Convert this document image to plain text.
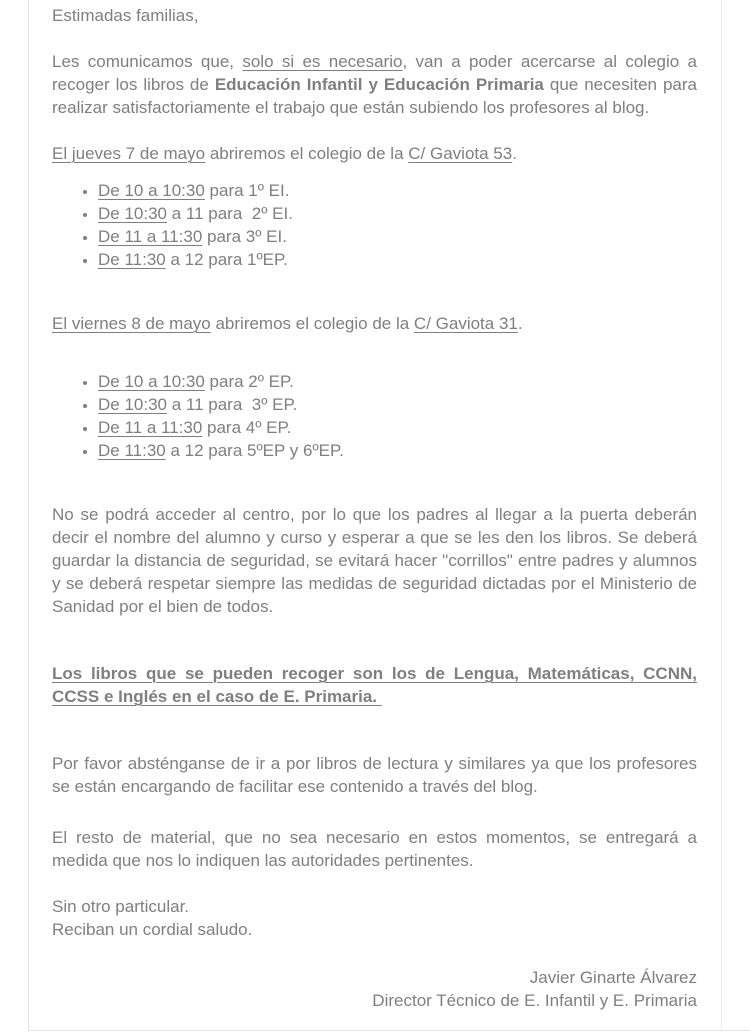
Estimadas familias,

Les comunicamos que, solo si es necesario, van a poder acercarse al colegio a recoger los libros de Educación Infantil y Educación Primaria que necesiten para realizar satisfactoriamente el trabajo que están subiendo los profesores al blog.

El jueves 7 de mayo abriremos el colegio de la C/ Gaviota 53.

• De 10 a 10:30 para 1º EI.
• De 10:30 a 11 para  2º EI.
• De 11 a 11:30 para 3º EI.
• De 11:30 a 12 para 1ºEP.

El viernes 8 de mayo abriremos el colegio de la C/ Gaviota 31.

• De 10 a 10:30 para 2º EP.
• De 10:30 a 11 para  3º EP.
• De 11 a 11:30 para 4º EP.
• De 11:30 a 12 para 5ºEP y 6ºEP.

No se podrá acceder al centro, por lo que los padres al llegar a la puerta deberán decir el nombre del alumno y curso y esperar a que se les den los libros. Se deberá guardar la distancia de seguridad, se evitará hacer "corrillos" entre padres y alumnos y se deberá respetar siempre las medidas de seguridad dictadas por el Ministerio de Sanidad por el bien de todos.

Los libros que se pueden recoger son los de Lengua, Matemáticas, CCNN, CCSS e Inglés en el caso de E. Primaria.

Por favor absténganse de ir a por libros de lectura y similares ya que los profesores se están encargando de facilitar ese contenido a través del blog.

El resto de material, que no sea necesario en estos momentos, se entregará a medida que nos lo indiquen las autoridades pertinentes.

Sin otro particular.
Reciban un cordial saludo.

Javier Ginarte Álvarez
Director Técnico de E. Infantil y E. Primaria
